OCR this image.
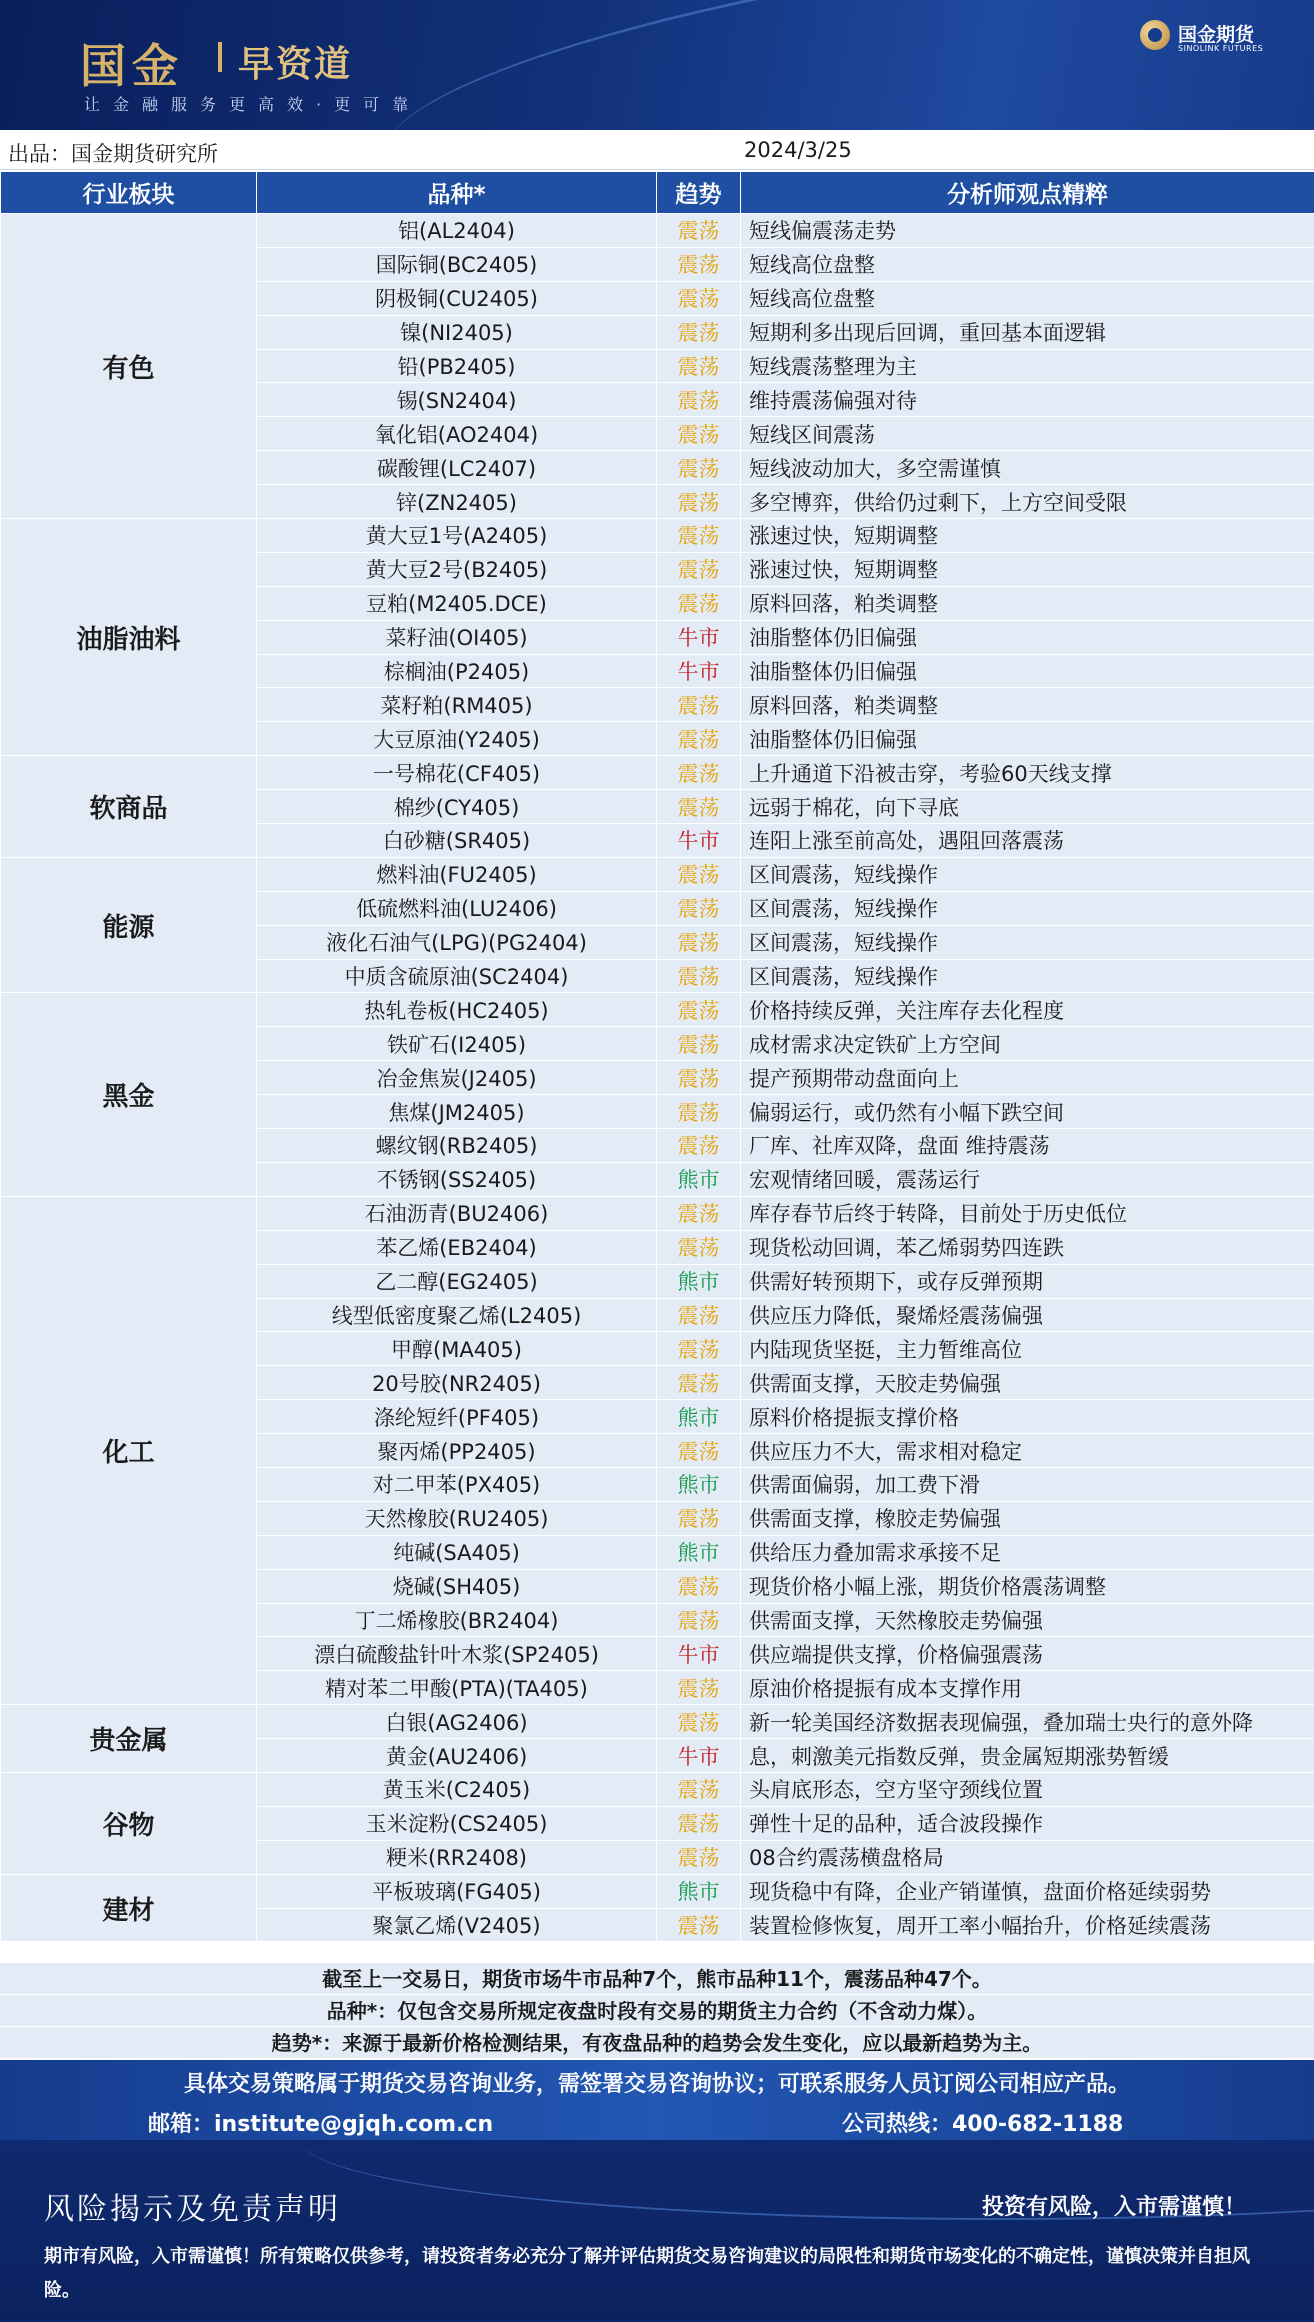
国金 早资道
让金融服务更高效·更可靠
国金期货
SINOLINK FUTURES
出品：国金期货研究所	2024/3/25
行业板块	品种*	趋势	分析师观点精粹
有色	铝(AL2404)	震荡	短线偏震荡走势
	国际铜(BC2405)	震荡	短线高位盘整
	阴极铜(CU2405)	震荡	短线高位盘整
	镍(NI2405)	震荡	短期利多出现后回调，重回基本面逻辑
	铅(PB2405)	震荡	短线震荡整理为主
	锡(SN2404)	震荡	维持震荡偏强对待
	氧化铝(AO2404)	震荡	短线区间震荡
	碳酸锂(LC2407)	震荡	短线波动加大，多空需谨慎
	锌(ZN2405)	震荡	多空博弈，供给仍过剩下，上方空间受限
油脂油料	黄大豆1号(A2405)	震荡	涨速过快，短期调整
	黄大豆2号(B2405)	震荡	涨速过快，短期调整
	豆粕(M2405.DCE)	震荡	原料回落，粕类调整
	菜籽油(OI405)	牛市	油脂整体仍旧偏强
	棕榈油(P2405)	牛市	油脂整体仍旧偏强
	菜籽粕(RM405)	震荡	原料回落，粕类调整
	大豆原油(Y2405)	震荡	油脂整体仍旧偏强
软商品	一号棉花(CF405)	震荡	上升通道下沿被击穿，考验60天线支撑
	棉纱(CY405)	震荡	远弱于棉花，向下寻底
	白砂糖(SR405)	牛市	连阳上涨至前高处，遇阻回落震荡
能源	燃料油(FU2405)	震荡	区间震荡，短线操作
	低硫燃料油(LU2406)	震荡	区间震荡，短线操作
	液化石油气(LPG)(PG2404)	震荡	区间震荡，短线操作
	中质含硫原油(SC2404)	震荡	区间震荡，短线操作
黑金	热轧卷板(HC2405)	震荡	价格持续反弹，关注库存去化程度
	铁矿石(I2405)	震荡	成材需求决定铁矿上方空间
	冶金焦炭(J2405)	震荡	提产预期带动盘面向上
	焦煤(JM2405)	震荡	偏弱运行，或仍然有小幅下跌空间
	螺纹钢(RB2405)	震荡	厂库、社库双降，盘面 维持震荡
	不锈钢(SS2405)	熊市	宏观情绪回暖，震荡运行
化工	石油沥青(BU2406)	震荡	库存春节后终于转降，目前处于历史低位
	苯乙烯(EB2404)	震荡	现货松动回调，苯乙烯弱势四连跌
	乙二醇(EG2405)	熊市	供需好转预期下，或存反弹预期
	线型低密度聚乙烯(L2405)	震荡	供应压力降低，聚烯烃震荡偏强
	甲醇(MA405)	震荡	内陆现货坚挺，主力暂维高位
	20号胶(NR2405)	震荡	供需面支撑，天胶走势偏强
	涤纶短纤(PF405)	熊市	原料价格提振支撑价格
	聚丙烯(PP2405)	震荡	供应压力不大，需求相对稳定
	对二甲苯(PX405)	熊市	供需面偏弱，加工费下滑
	天然橡胶(RU2405)	震荡	供需面支撑，橡胶走势偏强
	纯碱(SA405)	熊市	供给压力叠加需求承接不足
	烧碱(SH405)	震荡	现货价格小幅上涨，期货价格震荡调整
	丁二烯橡胶(BR2404)	震荡	供需面支撑，天然橡胶走势偏强
	漂白硫酸盐针叶木浆(SP2405)	牛市	供应端提供支撑，价格偏强震荡
	精对苯二甲酸(PTA)(TA405)	震荡	原油价格提振有成本支撑作用
贵金属	白银(AG2406)	震荡	新一轮美国经济数据表现偏强，叠加瑞士央行的意外降
	黄金(AU2406)	牛市	息，刺激美元指数反弹，贵金属短期涨势暂缓
谷物	黄玉米(C2405)	震荡	头肩底形态，空方坚守颈线位置
	玉米淀粉(CS2405)	震荡	弹性十足的品种，适合波段操作
	粳米(RR2408)	震荡	08合约震荡横盘格局
建材	平板玻璃(FG405)	熊市	现货稳中有降，企业产销谨慎，盘面价格延续弱势
	聚氯乙烯(V2405)	震荡	装置检修恢复，周开工率小幅抬升，价格延续震荡
截至上一交易日，期货市场牛市品种7个，熊市品种11个，震荡品种47个。
品种*：仅包含交易所规定夜盘时段有交易的期货主力合约（不含动力煤）。
趋势*：来源于最新价格检测结果，有夜盘品种的趋势会发生变化，应以最新趋势为主。
具体交易策略属于期货交易咨询业务，需签署交易咨询协议；可联系服务人员订阅公司相应产品。
邮箱：institute@gjqh.com.cn	公司热线：400-682-1188
风险揭示及免责声明	投资有风险，入市需谨慎！
期市有风险，入市需谨慎！所有策略仅供参考，请投资者务必充分了解并评估期货交易咨询建议的局限性和期货市场变化的不确定性，谨慎决策并自担风险。
